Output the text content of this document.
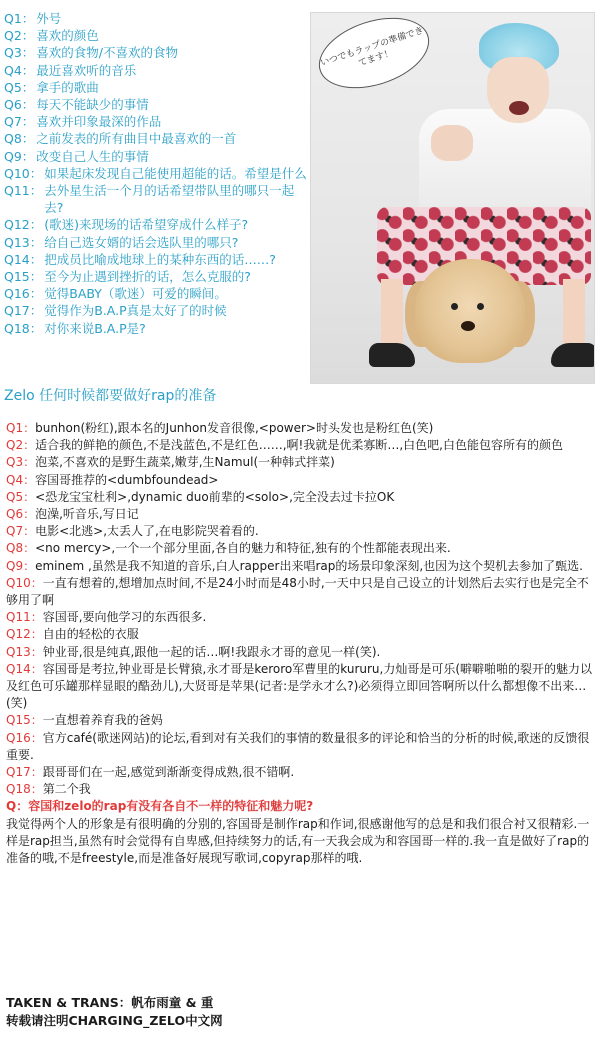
Q1： 外号
Q2： 喜欢的颜色
Q3： 喜欢的食物/不喜欢的食物
Q4： 最近喜欢听的音乐
Q5： 拿手的歌曲
Q6： 每天不能缺少的事情
Q7： 喜欢并印象最深的作品
Q8： 之前发表的所有曲目中最喜欢的一首
Q9： 改变自己人生的事情
Q10： 如果起床发现自己能使用超能的话。希望是什么
Q11： 去外星生活一个月的话希望带队里的哪只一起去?
Q12： (歌迷)来现场的话希望穿成什么样子?
Q13： 给自己选女婿的话会选队里的哪只?
Q14： 把成员比喻成地球上的某种东西的话……?
Q15： 至今为止遇到挫折的话，怎么克服的?
Q16： 觉得BABY（歌迷）可爱的瞬间。
Q17： 觉得作为B.A.P真是太好了的时候
Q18： 对你来说B.A.P是?
いつでもラップの準備できてます！
Zelo 任何时候都要做好rap的准备
Q1：bunhon(粉红),跟本名的Junhon发音很像,<power>时头发也是粉红色(笑)
Q2：适合我的鲜艳的颜色,不是浅蓝色,不是红色……,啊!我就是优柔寡断…,白色吧,白色能包容所有的颜色
Q3：泡菜,不喜欢的是野生蔬菜,嫩芽,生Namul(一种韩式拌菜)
Q4：容国哥推荐的<dumbfoundead>
Q5：<恐龙宝宝杜利>,dynamic duo前辈的<solo>,完全没去过卡拉OK
Q6：泡澡,听音乐,写日记
Q7：电影<北逃>,太丢人了,在电影院哭着看的.
Q8：<no mercy>,一个一个部分里面,各自的魅力和特征,独有的个性都能表现出来.
Q9：eminem ,虽然是我不知道的音乐,白人rapper出来唱rap的场景印象深刻,也因为这个契机去参加了甄选.
Q10：一直有想着的,想增加点时间,不是24小时而是48小时,一天中只是自己设立的计划然后去实行也是完全不够用了啊
Q11：容国哥,要向他学习的东西很多.
Q12：自由的轻松的衣服
Q13：钟业哥,很是纯真,跟他一起的话…啊!我跟永才哥的意见一样(笑).
Q14：容国哥是考拉,钟业哥是长臂猿,永才哥是keroro军曹里的kururu,力灿哥是可乐(噼噼啪啪的裂开的魅力以及红色可乐罐那样显眼的酷劲儿),大贤哥是苹果(记者:是学永才么?)必须得立即回答啊所以什么都想像不出来…(笑)
Q15：一直想着养育我的爸妈
Q16：官方café(歌迷网站)的论坛,看到对有关我们的事情的数量很多的评论和恰当的分析的时候,歌迷的反馈很重要.
Q17：跟哥哥们在一起,感觉到渐渐变得成熟,很不错啊.
Q18：第二个我
Q：容国和zelo的rap有没有各自不一样的特征和魅力呢?
我觉得两个人的形象是有很明确的分别的,容国哥是制作rap和作词,很感谢他写的总是和我们很合衬又很精彩.一样是rap担当,虽然有时会觉得有自卑感,但持续努力的话,有一天我会成为和容国哥一样的.我一直是做好了rap的准备的哦,不是freestyle,而是准备好展现写歌词,copyrap那样的哦.
TAKEN & TRANS：帆布雨童 & 重
转载请注明CHARGING_ZELO中文网
